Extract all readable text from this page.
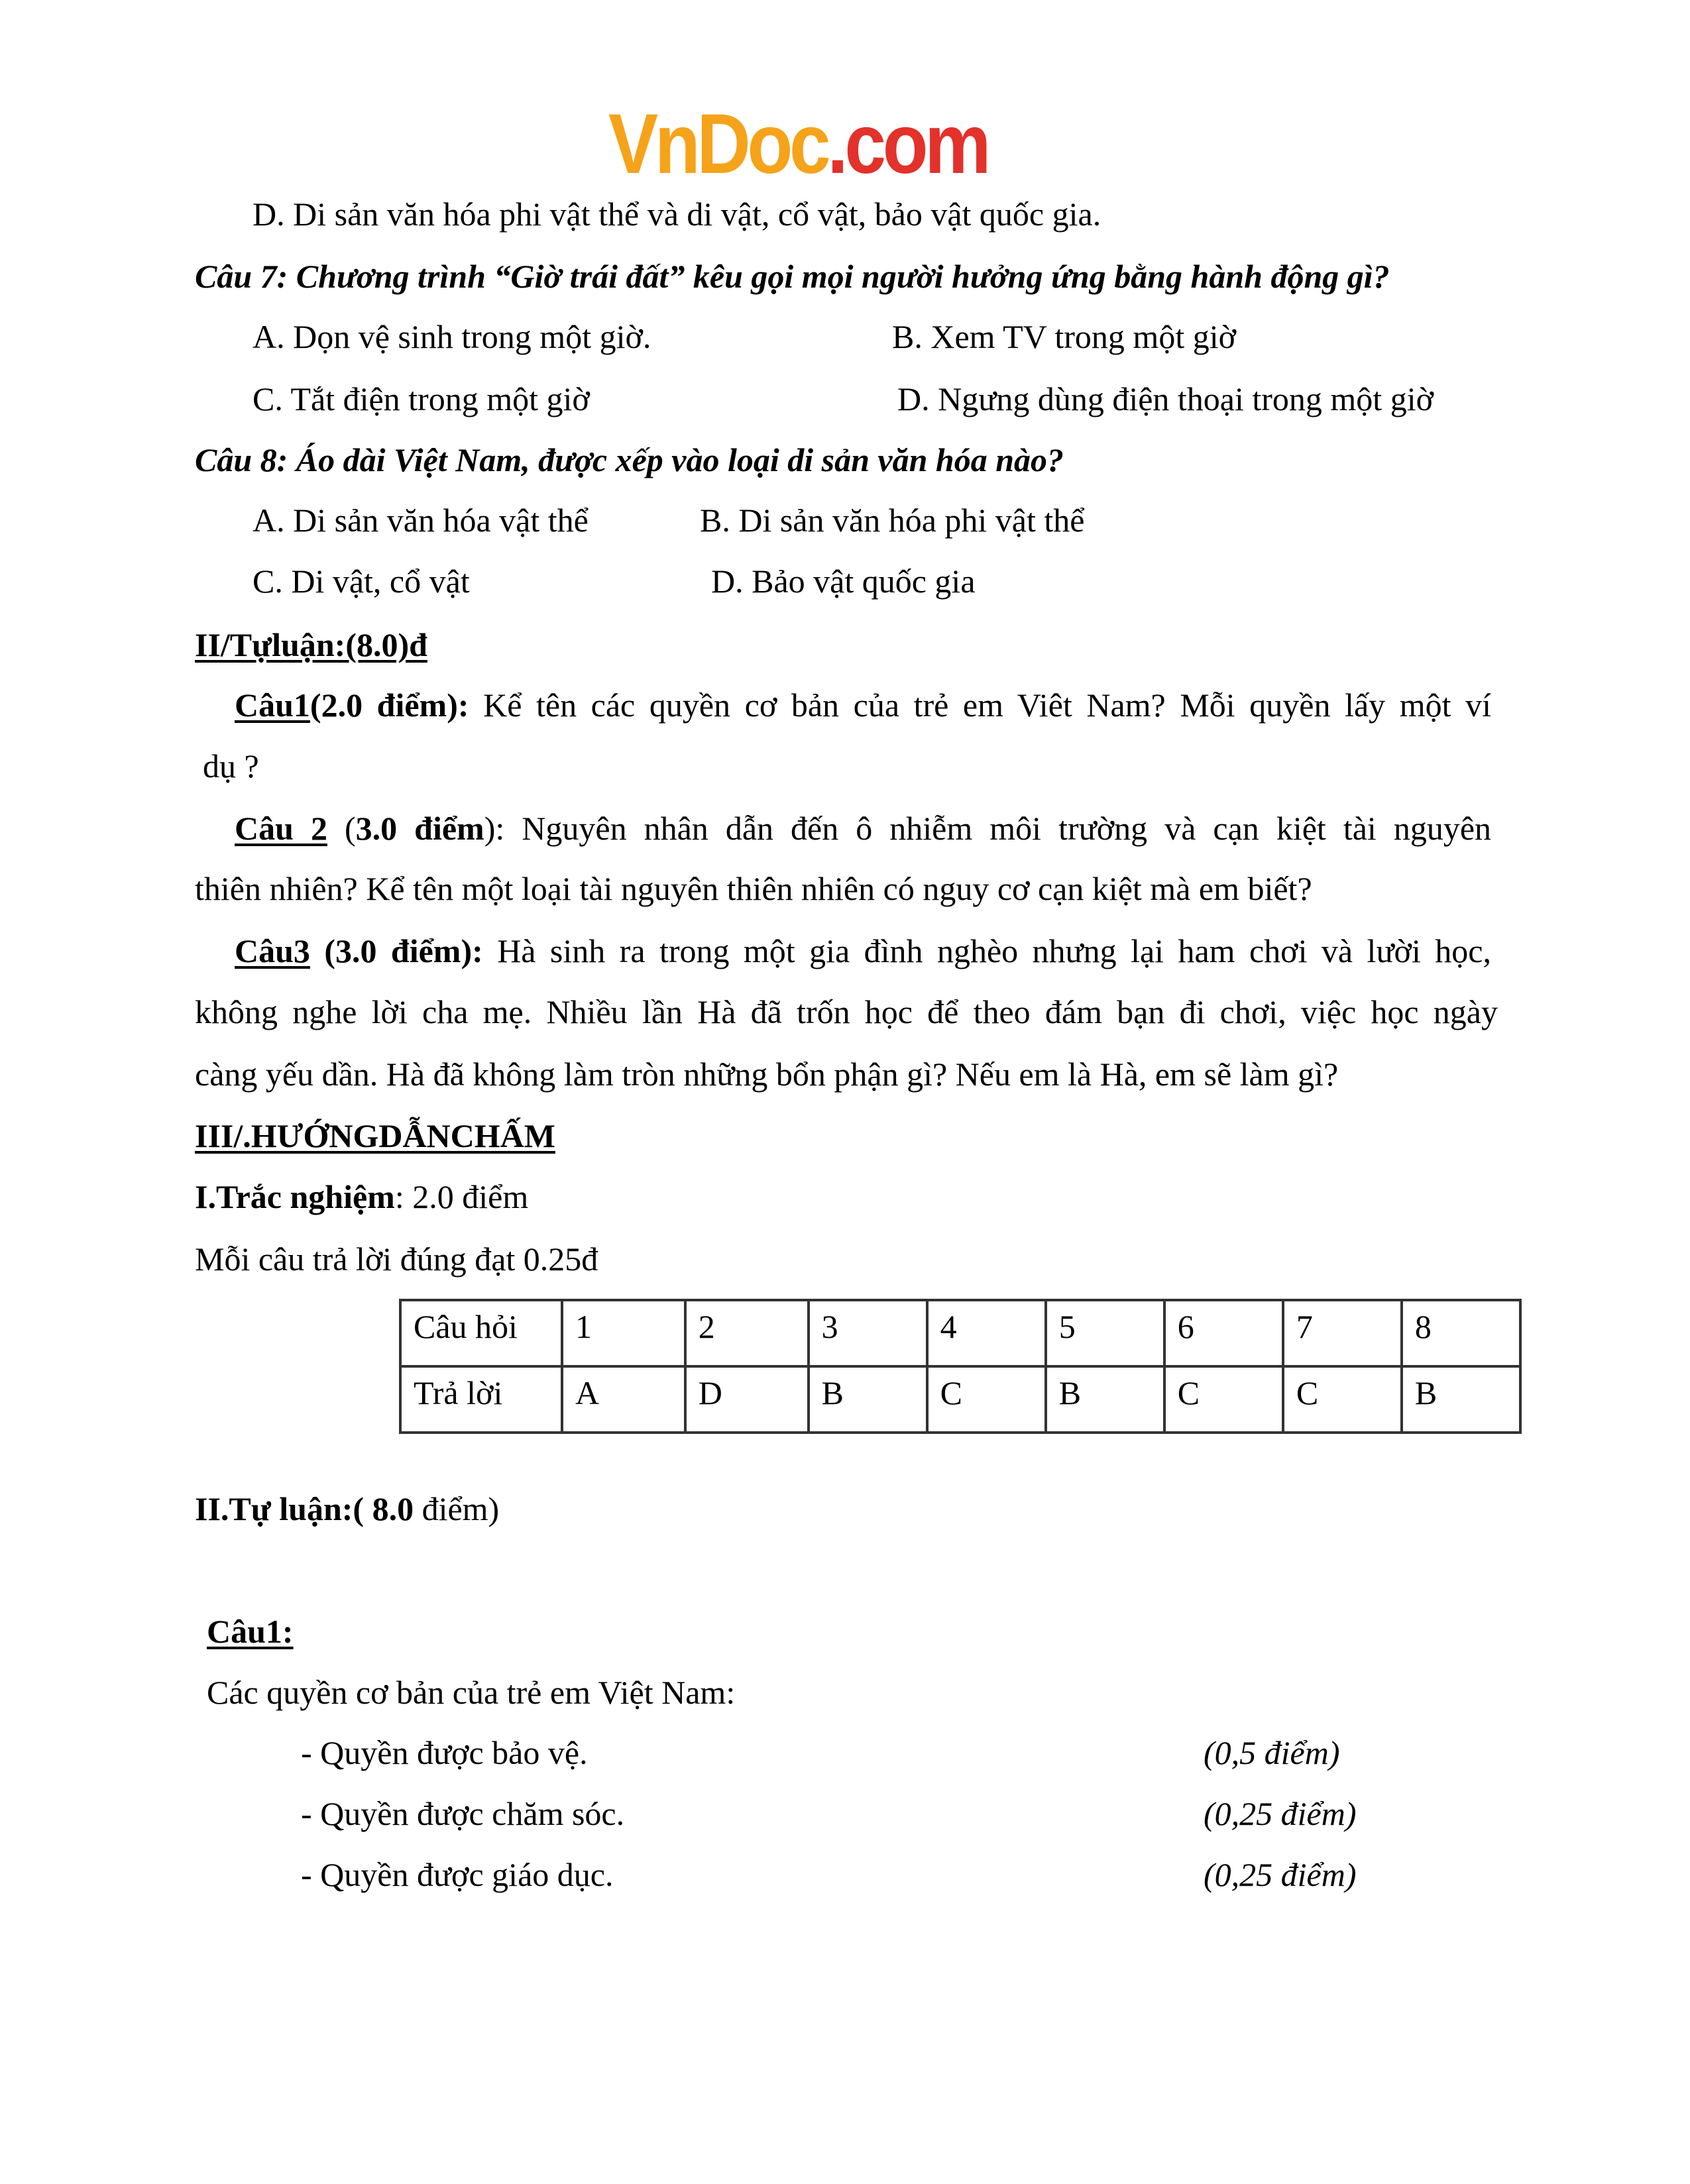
VnDoc.com
D. Di sản văn hóa phi vật thể và di vật, cổ vật, bảo vật quốc gia.
Câu 7: Chương trình “Giờ trái đất” kêu gọi mọi người hưởng ứng bằng hành động gì?
A. Dọn vệ sinh trong một giờ.	B. Xem TV trong một giờ
C. Tắt điện trong một giờ	D. Ngưng dùng điện thoại trong một giờ
Câu 8: Áo dài Việt Nam, được xếp vào loại di sản văn hóa nào?
A. Di sản văn hóa vật thể	B. Di sản văn hóa phi vật thể
C. Di vật, cổ vật	D. Bảo vật quốc gia
II/Tựluận:(8.0)đ
Câu1(2.0 điểm): Kể tên các quyền cơ bản của trẻ em Viêt Nam? Mỗi quyền lấy một ví
dụ ?
Câu 2 (3.0 điểm): Nguyên nhân dẫn đến ô nhiễm môi trường và cạn kiệt tài nguyên
thiên nhiên? Kể tên một loại tài nguyên thiên nhiên có nguy cơ cạn kiệt mà em biết?
Câu3 (3.0 điểm): Hà sinh ra trong một gia đình nghèo nhưng lại ham chơi và lười học,
không nghe lời cha mẹ. Nhiều lần Hà đã trốn học để theo đám bạn đi chơi, việc học ngày
càng yếu dần. Hà đã không làm tròn những bổn phận gì? Nếu em là Hà, em sẽ làm gì?
III/.HƯỚNGDẪNCHẤM
I.Trắc nghiệm: 2.0 điểm
Mỗi câu trả lời đúng đạt 0.25đ
Câu hỏi	1	2	3	4	5	6	7	8
Trả lời	A	D	B	C	B	C	C	B
II.Tự luận:( 8.0 điểm)
Câu1:
Các quyền cơ bản của trẻ em Việt Nam:
- Quyền được bảo vệ.	(0,5 điểm)
- Quyền được chăm sóc.	(0,25 điểm)
- Quyền được giáo dục.	(0,25 điểm)
